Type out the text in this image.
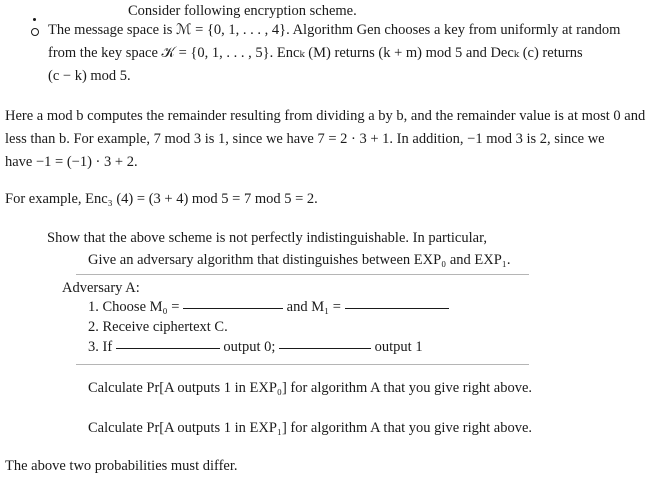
Consider following encryption scheme.
The message space is ℳ = {0, 1, . . . , 4}. Algorithm Gen chooses a key from uniformly at random
from the key space 𝒦 = {0, 1, . . . , 5}. Encₖ (M) returns (k + m) mod 5 and Decₖ (c) returns
(c − k) mod 5.
Here a mod b computes the remainder resulting from dividing a by b, and the remainder value is at most 0 and
less than b. For example, 7 mod 3 is 1, since we have 7 = 2 · 3 + 1. In addition, −1 mod 3 is 2, since we
have −1 = (−1) · 3 + 2.
For example, Enc₃ (4) = (3 + 4) mod 5 = 7 mod 5 = 2.
Show that the above scheme is not perfectly indistinguishable. In particular,
Give an adversary algorithm that distinguishes between EXP₀ and EXP₁.
Adversary A:
1. Choose M₀ =	and M₁ =
2. Receive ciphertext C.
3. If	output 0;	output 1
Calculate Pr[A outputs 1 in EXP₀] for algorithm A that you give right above.
Calculate Pr[A outputs 1 in EXP₁] for algorithm A that you give right above.
The above two probabilities must differ.
